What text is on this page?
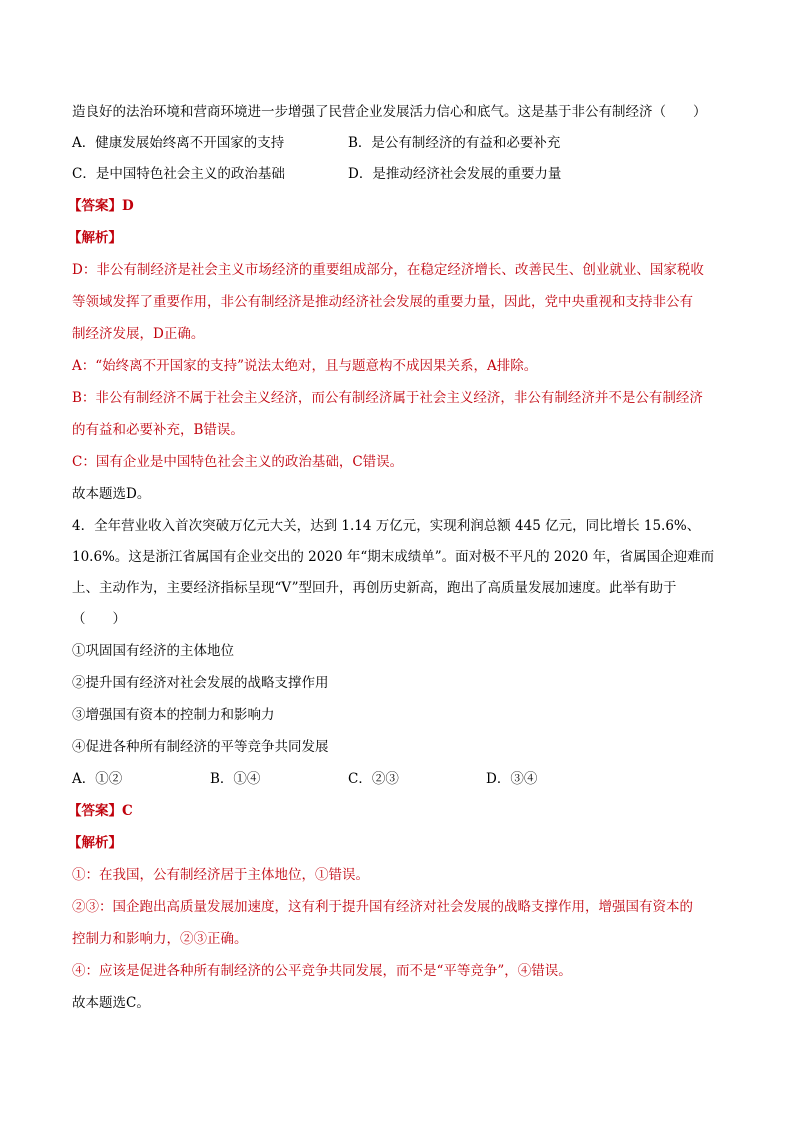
造良好的法治环境和营商环境进一步增强了民营企业发展活力信心和底气。这是基于非公有制经济（　　）
A．健康发展始终离不开国家的支持	B．是公有制经济的有益和必要补充
C．是中国特色社会主义的政治基础	D．是推动经济社会发展的重要力量
【答案】D
【解析】
D：非公有制经济是社会主义市场经济的重要组成部分，在稳定经济增长、改善民生、创业就业、国家税收
等领域发挥了重要作用，非公有制经济是推动经济社会发展的重要力量，因此，党中央重视和支持非公有
制经济发展，D正确。
A：“始终离不开国家的支持”说法太绝对，且与题意构不成因果关系，A排除。
B：非公有制经济不属于社会主义经济，而公有制经济属于社会主义经济，非公有制经济并不是公有制经济
的有益和必要补充，B错误。
C：国有企业是中国特色社会主义的政治基础，C错误。
故本题选D。
4．全年营业收入首次突破万亿元大关，达到 1.14 万亿元，实现利润总额 445 亿元，同比增长 15.6%、
10.6%。这是浙江省属国有企业交出的 2020 年“期末成绩单”。面对极不平凡的 2020 年，省属国企迎难而
上、主动作为，主要经济指标呈现“V”型回升，再创历史新高，跑出了高质量发展加速度。此举有助于
（　　）
①巩固国有经济的主体地位
②提升国有经济对社会发展的战略支撑作用
③增强国有资本的控制力和影响力
④促进各种所有制经济的平等竞争共同发展
A．①②	B．①④	C．②③	D．③④
【答案】C
【解析】
①：在我国，公有制经济居于主体地位，①错误。
②③：国企跑出高质量发展加速度，这有利于提升国有经济对社会发展的战略支撑作用，增强国有资本的
控制力和影响力，②③正确。
④：应该是促进各种所有制经济的公平竞争共同发展，而不是“平等竞争”，④错误。
故本题选C。
